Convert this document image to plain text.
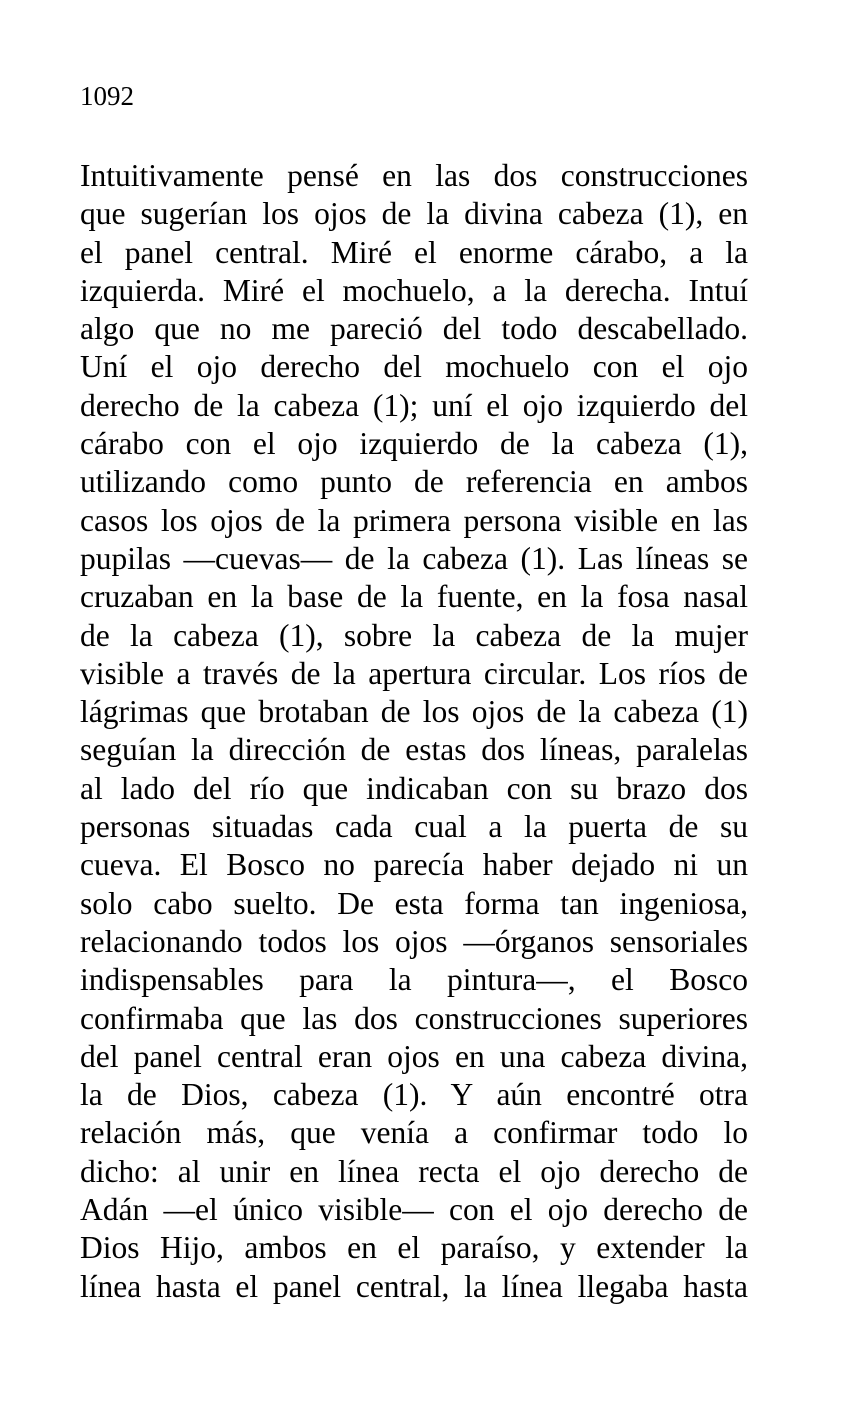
1092
Intuitivamente pensé en las dos construcciones
que sugerían los ojos de la divina cabeza (1), en
el panel central. Miré el enorme cárabo, a la
izquierda. Miré el mochuelo, a la derecha. Intuí
algo que no me pareció del todo descabellado.
Uní el ojo derecho del mochuelo con el ojo
derecho de la cabeza (1); uní el ojo izquierdo del
cárabo con el ojo izquierdo de la cabeza (1),
utilizando como punto de referencia en ambos
casos los ojos de la primera persona visible en las
pupilas —cuevas— de la cabeza (1). Las líneas se
cruzaban en la base de la fuente, en la fosa nasal
de la cabeza (1), sobre la cabeza de la mujer
visible a través de la apertura circular. Los ríos de
lágrimas que brotaban de los ojos de la cabeza (1)
seguían la dirección de estas dos líneas, paralelas
al lado del río que indicaban con su brazo dos
personas situadas cada cual a la puerta de su
cueva. El Bosco no parecía haber dejado ni un
solo cabo suelto. De esta forma tan ingeniosa,
relacionando todos los ojos —órganos sensoriales
indispensables para la pintura—, el Bosco
confirmaba que las dos construcciones superiores
del panel central eran ojos en una cabeza divina,
la de Dios, cabeza (1). Y aún encontré otra
relación más, que venía a confirmar todo lo
dicho: al unir en línea recta el ojo derecho de
Adán —el único visible— con el ojo derecho de
Dios Hijo, ambos en el paraíso, y extender la
línea hasta el panel central, la línea llegaba hasta
